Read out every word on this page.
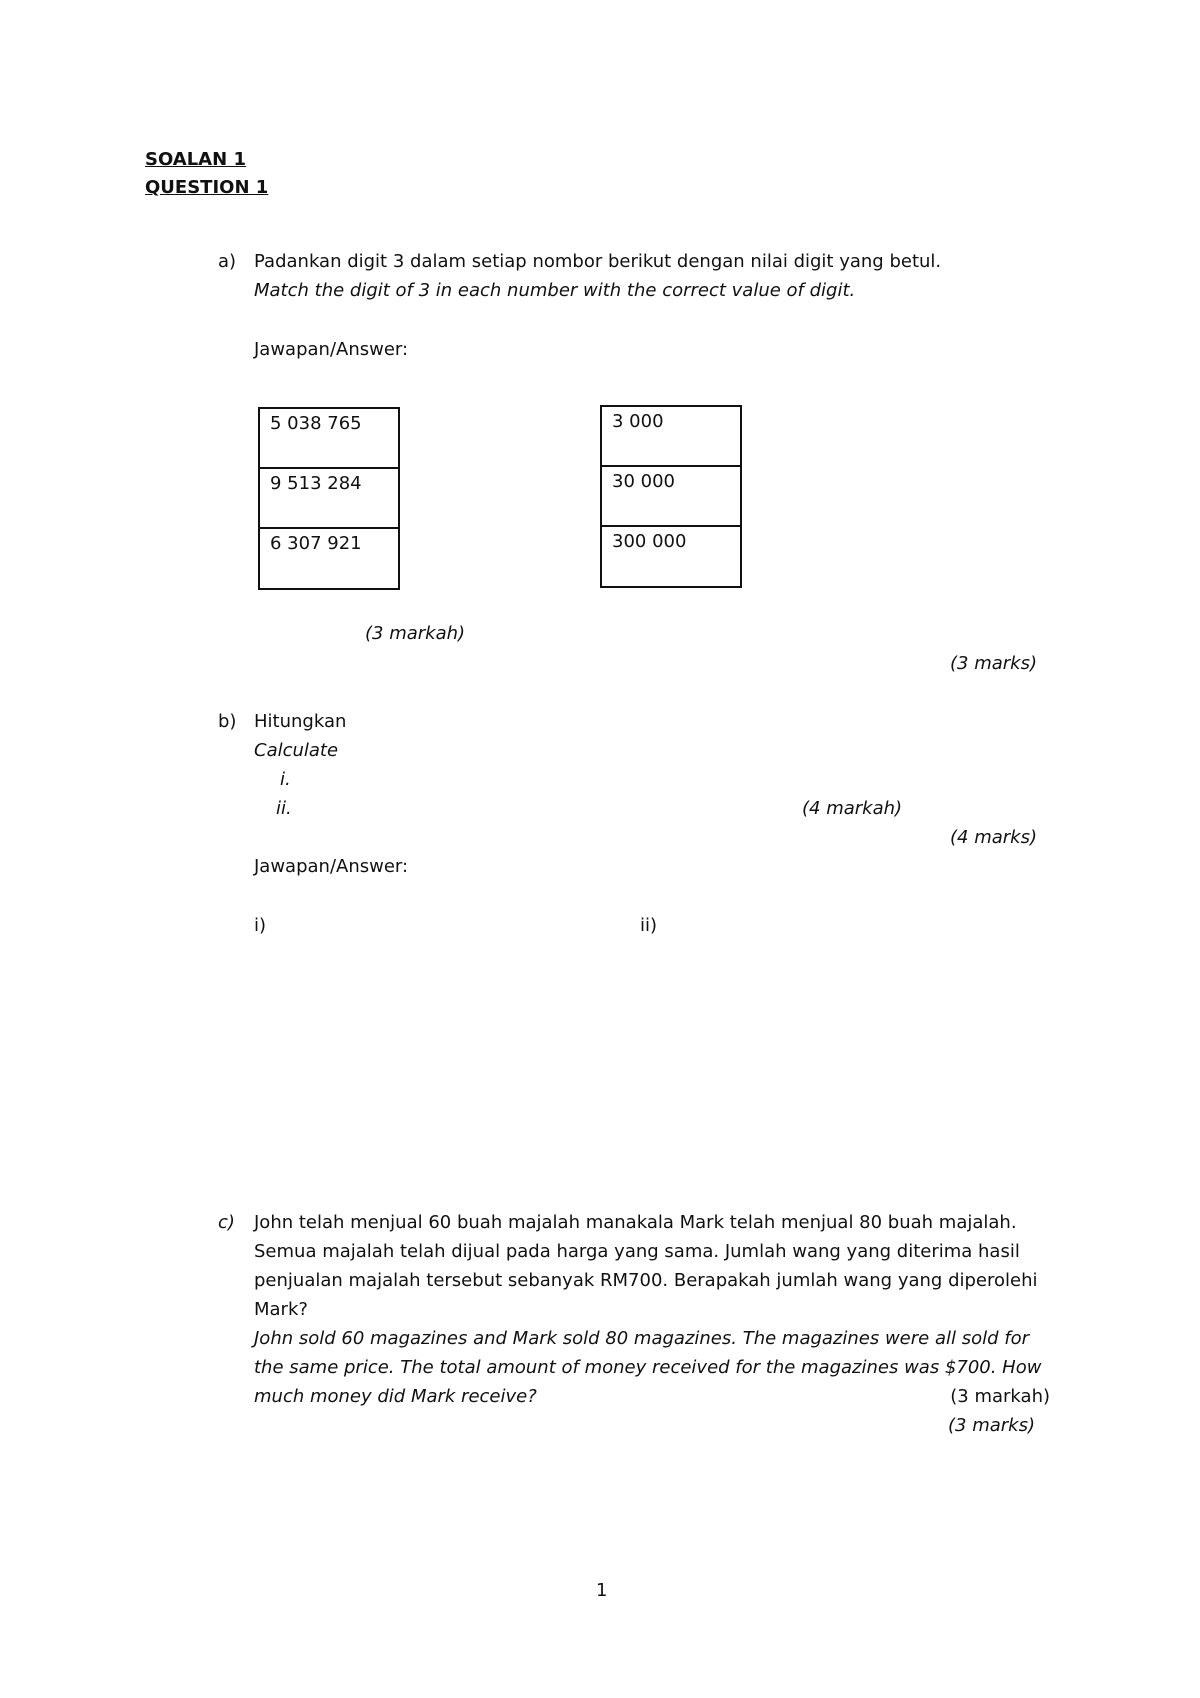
SOALAN 1
QUESTION 1
a) Padankan digit 3 dalam setiap nombor berikut dengan nilai digit yang betul.
Match the digit of 3 in each number with the correct value of digit.
Jawapan/Answer:
5 038 765
9 513 284
6 307 921
3 000
30 000
300 000
(3 markah)
(3 marks)
b) Hitungkan
Calculate
i.
ii.	(4 markah)
(4 marks)
Jawapan/Answer:
i)	ii)
c) John telah menjual 60 buah majalah manakala Mark telah menjual 80 buah majalah.
Semua majalah telah dijual pada harga yang sama. Jumlah wang yang diterima hasil
penjualan majalah tersebut sebanyak RM700. Berapakah jumlah wang yang diperolehi
Mark?
John sold 60 magazines and Mark sold 80 magazines. The magazines were all sold for
the same price. The total amount of money received for the magazines was $700. How
much money did Mark receive?	(3 markah)
(3 marks)
1
